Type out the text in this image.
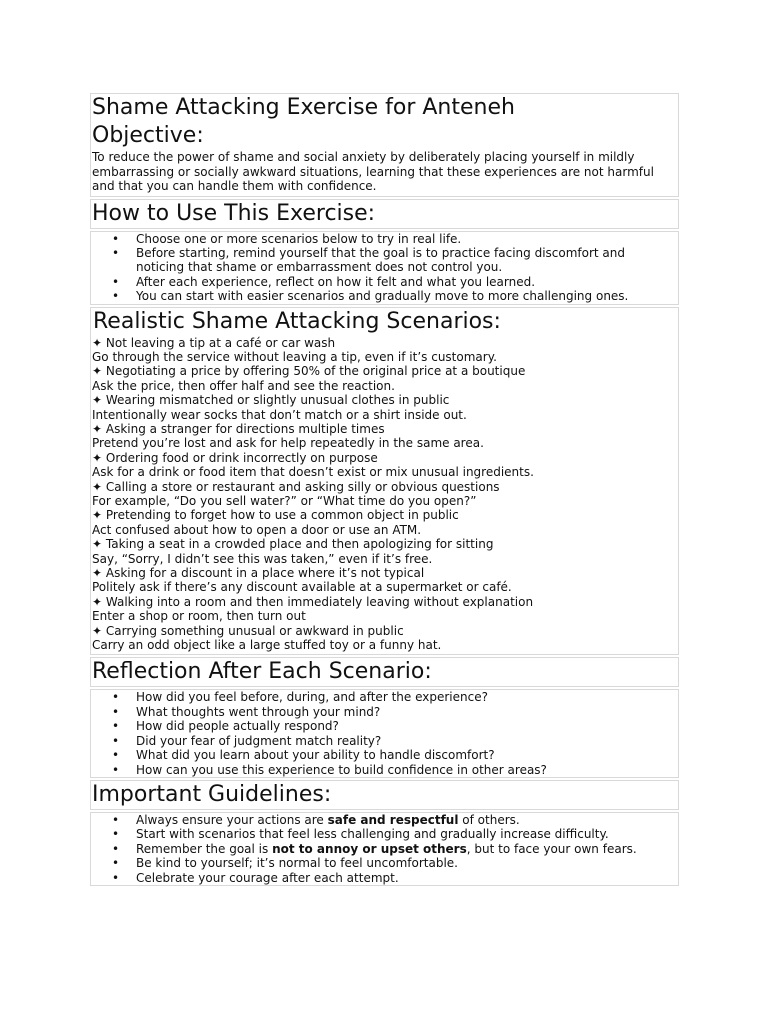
Shame Attacking Exercise for Anteneh
Objective:

To reduce the power of shame and social anxiety by deliberately placing yourself in mildly embarrassing or socially awkward situations, learning that these experiences are not harmful and that you can handle them with confidence.

How to Use This Exercise:
• Choose one or more scenarios below to try in real life.
• Before starting, remind yourself that the goal is to practice facing discomfort and noticing that shame or embarrassment does not control you.
• After each experience, reflect on how it felt and what you learned.
• You can start with easier scenarios and gradually move to more challenging ones.
Realistic Shame Attacking Scenarios:
✦ Not leaving a tip at a café or car wash
Go through the service without leaving a tip, even if it’s customary.
✦ Negotiating a price by offering 50% of the original price at a boutique
Ask the price, then offer half and see the reaction.
✦ Wearing mismatched or slightly unusual clothes in public
Intentionally wear socks that don’t match or a shirt inside out.
✦ Asking a stranger for directions multiple times
Pretend you’re lost and ask for help repeatedly in the same area.
✦ Ordering food or drink incorrectly on purpose
Ask for a drink or food item that doesn’t exist or mix unusual ingredients.
✦ Calling a store or restaurant and asking silly or obvious questions
For example, “Do you sell water?” or “What time do you open?”
✦ Pretending to forget how to use a common object in public
Act confused about how to open a door or use an ATM.
✦ Taking a seat in a crowded place and then apologizing for sitting
Say, “Sorry, I didn’t see this was taken,” even if it’s free.
✦ Asking for a discount in a place where it’s not typical
Politely ask if there’s any discount available at a supermarket or café.
✦ Walking into a room and then immediately leaving without explanation
Enter a shop or room, then turn out
✦ Carrying something unusual or awkward in public
Carry an odd object like a large stuffed toy or a funny hat.
Reflection After Each Scenario:
• How did you feel before, during, and after the experience?
• What thoughts went through your mind?
• How did people actually respond?
• Did your fear of judgment match reality?
• What did you learn about your ability to handle discomfort?
• How can you use this experience to build confidence in other areas?
Important Guidelines:
• Always ensure your actions are safe and respectful of others.
• Start with scenarios that feel less challenging and gradually increase difficulty.
• Remember the goal is not to annoy or upset others, but to face your own fears.
• Be kind to yourself; it’s normal to feel uncomfortable.
• Celebrate your courage after each attempt.
